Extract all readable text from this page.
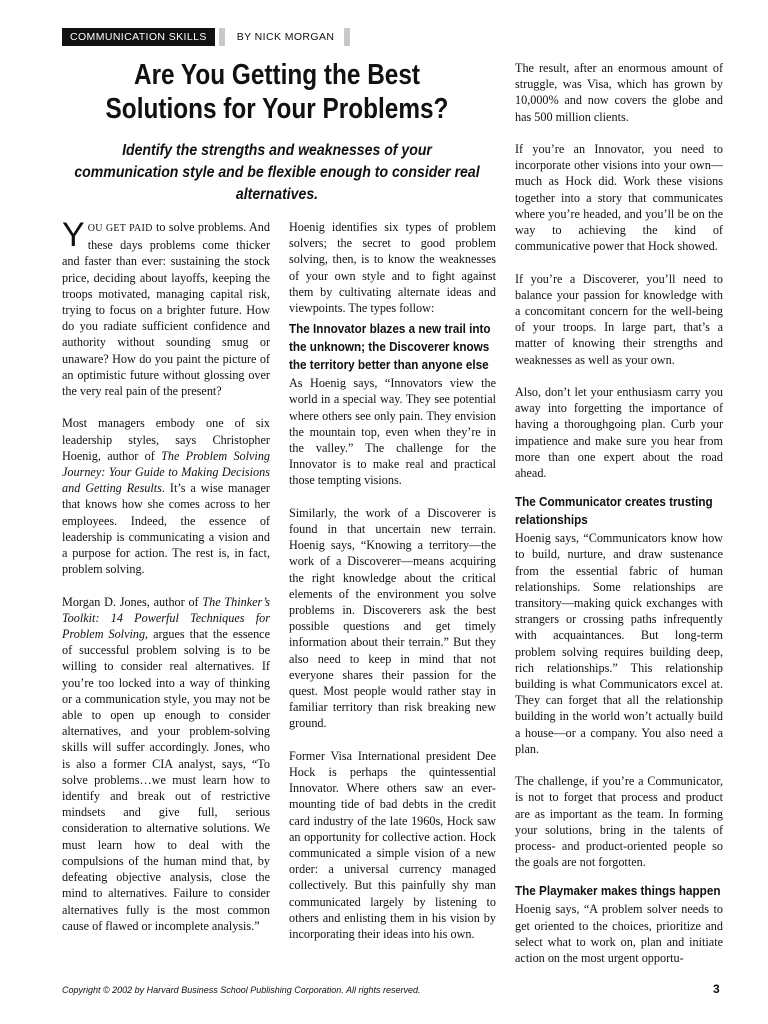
COMMUNICATION SKILLS	BY NICK MORGAN
Are You Getting the Best Solutions for Your Problems?
Identify the strengths and weaknesses of your communication style and be flexible enough to consider real alternatives.

YOU GET PAID to solve problems. And these days problems come thicker and faster than ever: sustaining the stock price, deciding about layoffs, keeping the troops motivated, managing capital risk, trying to focus on a brighter future. How do you radiate sufficient confidence and authority without sounding smug or unaware? How do you paint the picture of an optimistic future without glossing over the very real pain of the present?

Most managers embody one of six leadership styles, says Christopher Hoenig, author of The Problem Solving Journey: Your Guide to Making Decisions and Getting Results. It’s a wise manager that knows how she comes across to her employees. Indeed, the essence of leadership is communicating a vision and a purpose for action. The rest is, in fact, problem solving.

Morgan D. Jones, author of The Thinker’s Toolkit: 14 Powerful Techniques for Problem Solving, argues that the essence of successful problem solving is to be willing to consider real alternatives. If you’re too locked into a way of thinking or a communication style, you may not be able to open up enough to consider alternatives, and your problem-solving skills will suffer accordingly. Jones, who is also a former CIA analyst, says, “To solve problems…we must learn how to identify and break out of restrictive mindsets and give full, serious consideration to alternative solutions. We must learn how to deal with the compulsions of the human mind that, by defeating objective analysis, close the mind to alternatives. Failure to consider alternatives fully is the most common cause of flawed or incomplete analysis.”

Hoenig identifies six types of problem solvers; the secret to good problem solving, then, is to know the weaknesses of your own style and to fight against them by cultivating alternate ideas and viewpoints. The types follow:

The Innovator blazes a new trail into the unknown; the Discoverer knows the territory better than anyone else

As Hoenig says, “Innovators view the world in a special way. They see potential where others see only pain. They envision the mountain top, even when they’re in the valley.” The challenge for the Innovator is to make real and practical those tempting visions.

Similarly, the work of a Discoverer is found in that uncertain new terrain. Hoenig says, “Knowing a territory—the work of a Discoverer—means acquiring the right knowledge about the critical elements of the environment you solve problems in. Discoverers ask the best possible questions and get timely information about their terrain.” But they also need to keep in mind that not everyone shares their passion for the quest. Most people would rather stay in familiar territory than risk breaking new ground.

Former Visa International president Dee Hock is perhaps the quintessential Innovator. Where others saw an ever-mounting tide of bad debts in the credit card industry of the late 1960s, Hock saw an opportunity for collective action. Hock communicated a simple vision of a new order: a universal currency managed collectively. But this painfully shy man communicated largely by listening to others and enlisting them in his vision by incorporating their ideas into his own.

The result, after an enormous amount of struggle, was Visa, which has grown by 10,000% and now covers the globe and has 500 million clients.

If you’re an Innovator, you need to incorporate other visions into your own—much as Hock did. Work these visions together into a story that communicates where you’re headed, and you’ll be on the way to achieving the kind of communicative power that Hock showed.

If you’re a Discoverer, you’ll need to balance your passion for knowledge with a concomitant concern for the well-being of your troops. In large part, that’s a matter of knowing their strengths and weaknesses as well as your own.

Also, don’t let your enthusiasm carry you away into forgetting the importance of having a thoroughgoing plan. Curb your impatience and make sure you hear from more than one expert about the road ahead.

The Communicator creates trusting relationships

Hoenig says, “Communicators know how to build, nurture, and draw sustenance from the essential fabric of human relationships. Some relationships are transitory—making quick exchanges with strangers or crossing paths infrequently with acquaintances. But long-term problem solving requires building deep, rich relationships.” This relationship building is what Communicators excel at. They can forget that all the relationship building in the world won’t actually build a house—or a company. You also need a plan.

The challenge, if you’re a Communicator, is not to forget that process and product are as important as the team. In forming your solutions, bring in the talents of process- and product-oriented people so the goals are not forgotten.

The Playmaker makes things happen

Hoenig says, “A problem solver needs to get oriented to the choices, prioritize and select what to work on, plan and initiate action on the most urgent opportu-

Copyright © 2002 by Harvard Business School Publishing Corporation. All rights reserved.	3
